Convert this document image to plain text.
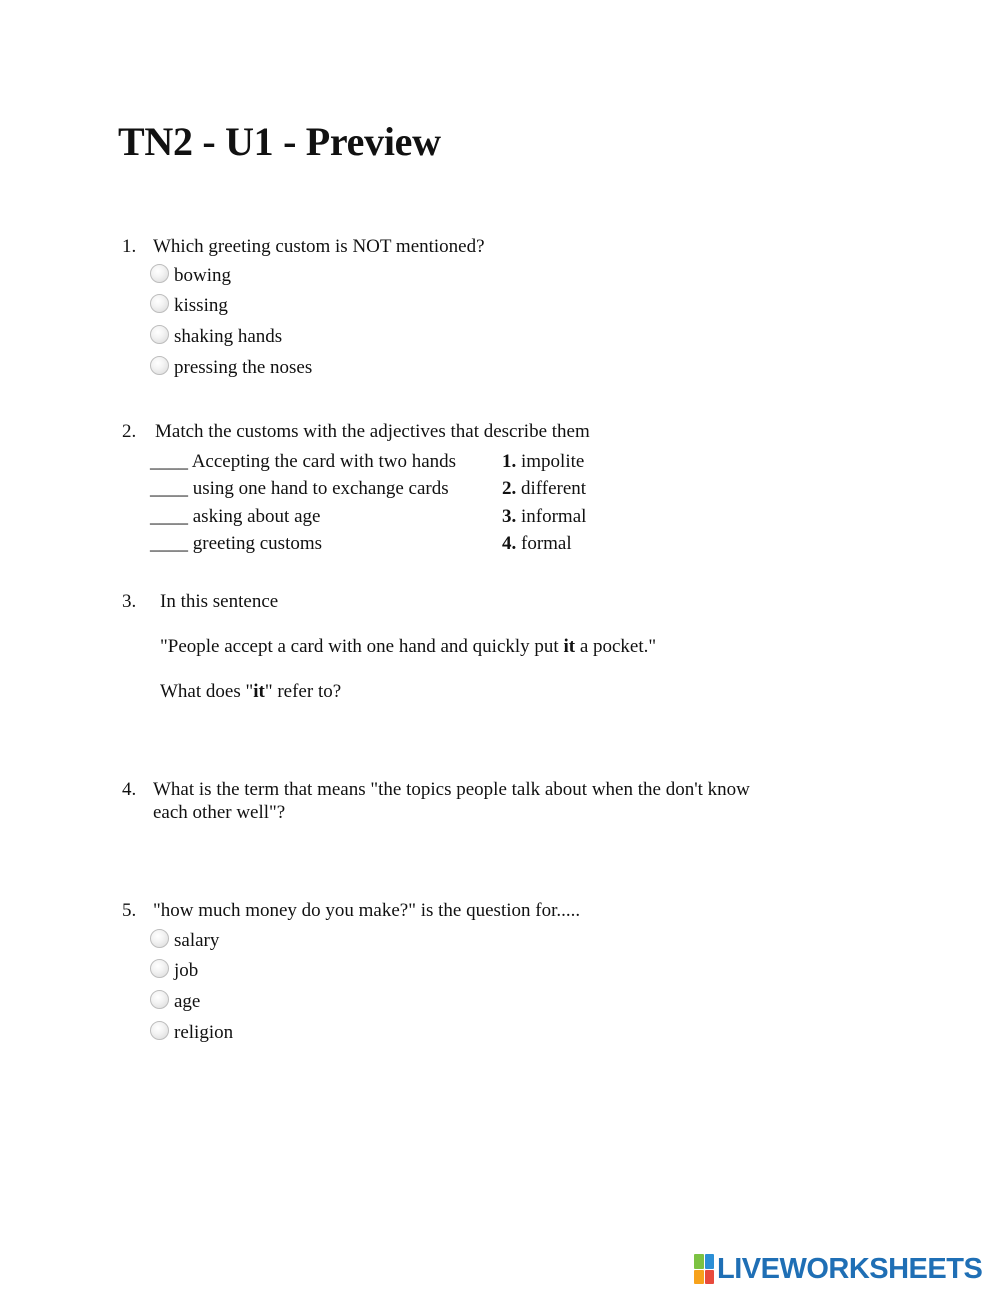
TN2 - U1 - Preview
1. Which greeting custom is NOT mentioned?
bowing
kissing
shaking hands
pressing the noses
2. Match the customs with the adjectives that describe them
____ Accepting the card with two hands 1. impolite
____ using one hand to exchange cards	2. different
____ asking about age	3. informal
____ greeting customs	4. formal
3. In this sentence
"People accept a card with one hand and quickly put it a pocket."
What does "it" refer to?
4. What is the term that means "the topics people talk about when the don't know
each other well"?
5. "how much money do you make?" is the question for.....
salary
job
age
religion
LIVEWORKSHEETS
